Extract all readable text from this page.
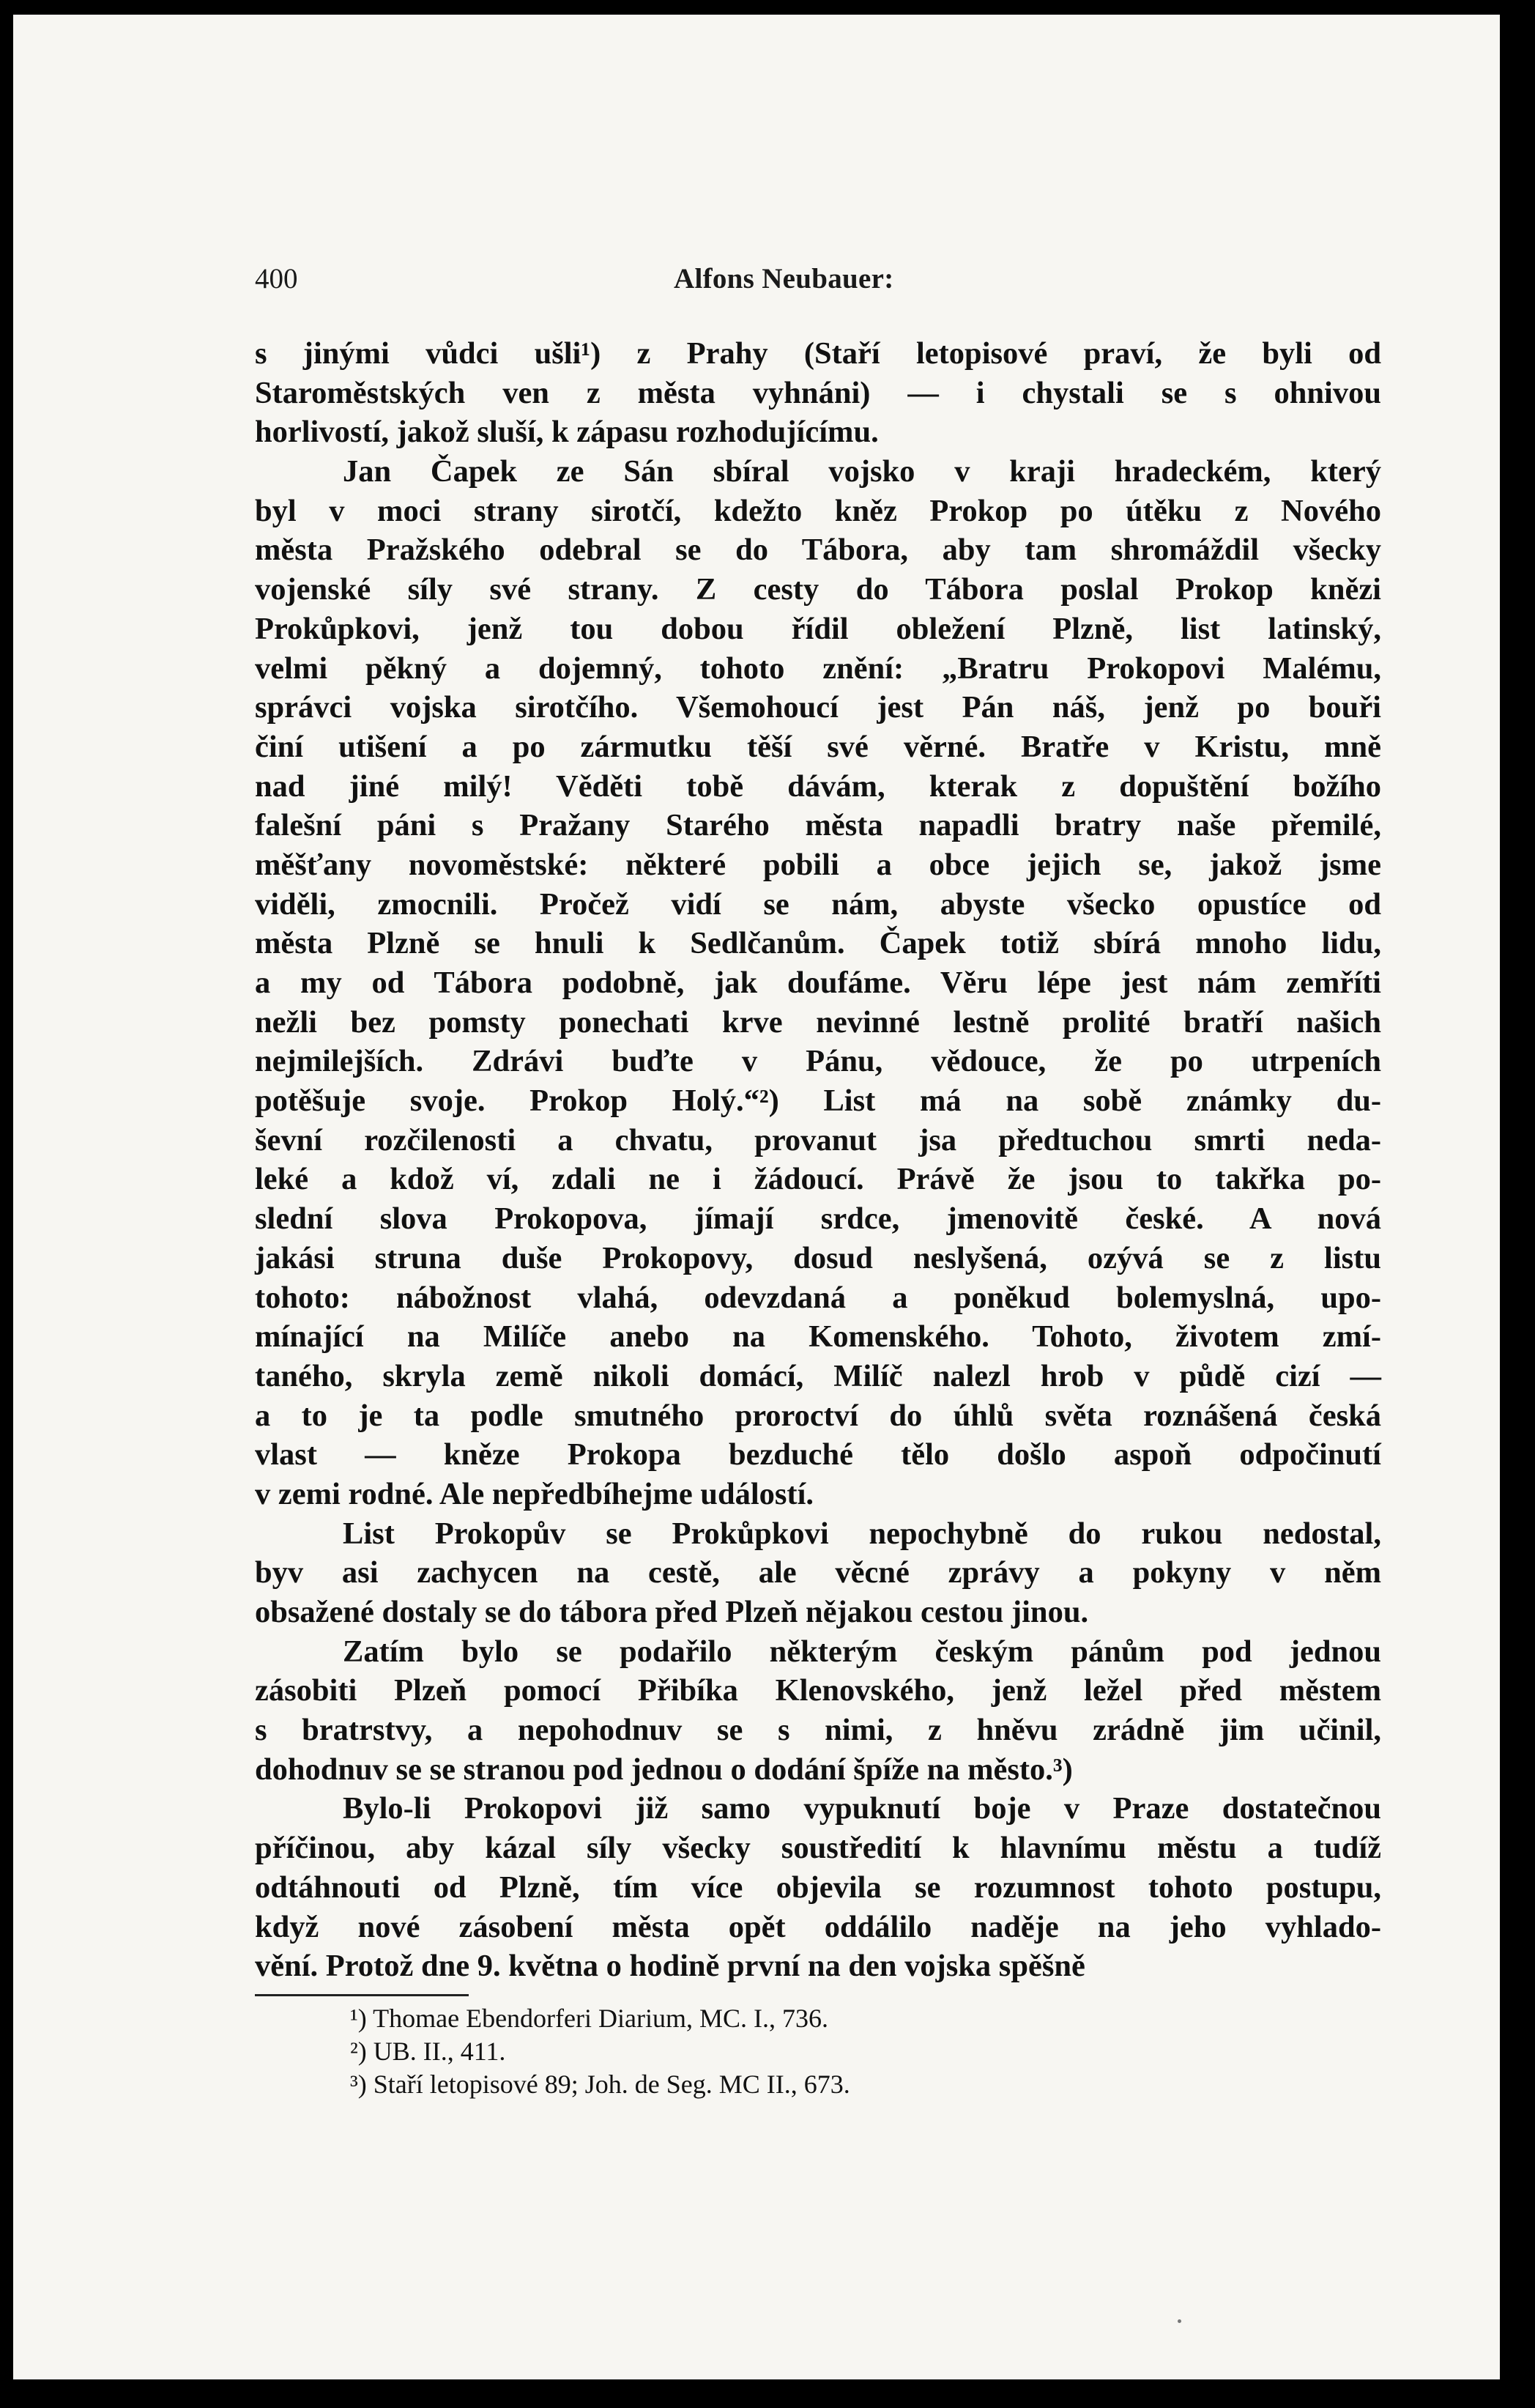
400	Alfons Neubauer:
s jinými vůdci ušli¹) z Prahy (Staří letopisové praví, že byli od
Staroměstských ven z města vyhnáni) — i chystali se s ohnivou
horlivostí, jakož sluší, k zápasu rozhodujícímu.
Jan Čapek ze Sán sbíral vojsko v kraji hradeckém, který
byl v moci strany sirotčí, kdežto kněz Prokop po útěku z Nového
města Pražského odebral se do Tábora, aby tam shromáždil všecky
vojenské síly své strany. Z cesty do Tábora poslal Prokop knězi
Prokůpkovi, jenž tou dobou řídil obležení Plzně, list latinský,
velmi pěkný a dojemný, tohoto znění: „Bratru Prokopovi Malému,
správci vojska sirotčího. Všemohoucí jest Pán náš, jenž po bouři
činí utišení a po zármutku těší své věrné. Bratře v Kristu, mně
nad jiné milý! Věděti tobě dávám, kterak z dopuštění božího
falešní páni s Pražany Starého města napadli bratry naše přemilé,
měšťany novoměstské: některé pobili a obce jejich se, jakož jsme
viděli, zmocnili. Pročež vidí se nám, abyste všecko opustíce od
města Plzně se hnuli k Sedlčanům. Čapek totiž sbírá mnoho lidu,
a my od Tábora podobně, jak doufáme. Věru lépe jest nám zemříti
nežli bez pomsty ponechati krve nevinné lestně prolité bratří našich
nejmilejších. Zdrávi buďte v Pánu, vědouce, že po utrpeních
potěšuje svoje. Prokop Holý.“²) List má na sobě známky du-
ševní rozčilenosti a chvatu, provanut jsa předtuchou smrti neda-
leké a kdož ví, zdali ne i žádoucí. Právě že jsou to takřka po-
slední slova Prokopova, jímají srdce, jmenovitě české. A nová
jakási struna duše Prokopovy, dosud neslyšená, ozývá se z listu
tohoto: nábožnost vlahá, odevzdaná a poněkud bolemyslná, upo-
mínající na Milíče anebo na Komenského. Tohoto, životem zmí-
taného, skryla země nikoli domácí, Milíč nalezl hrob v půdě cizí —
a to je ta podle smutného proroctví do úhlů světa roznášená česká
vlast — kněze Prokopa bezduché tělo došlo aspoň odpočinutí
v zemi rodné. Ale nepředbíhejme událostí.
List Prokopův se Prokůpkovi nepochybně do rukou nedostal,
byv asi zachycen na cestě, ale věcné zprávy a pokyny v něm
obsažené dostaly se do tábora před Plzeň nějakou cestou jinou.
Zatím bylo se podařilo některým českým pánům pod jednou
zásobiti Plzeň pomocí Přibíka Klenovského, jenž ležel před městem
s bratrstvy, a nepohodnuv se s nimi, z hněvu zrádně jim učinil,
dohodnuv se se stranou pod jednou o dodání špíže na město.³)
Bylo-li Prokopovi již samo vypuknutí boje v Praze dostatečnou
příčinou, aby kázal síly všecky soustředití k hlavnímu městu a tudíž
odtáhnouti od Plzně, tím více objevila se rozumnost tohoto postupu,
když nové zásobení města opět oddálilo naděje na jeho vyhlado-
vění. Protož dne 9. května o hodině první na den vojska spěšně
¹) Thomae Ebendorferi Diarium, MC. I., 736.
²) UB. II., 411.
³) Staří letopisové 89; Joh. de Seg. MC II., 673.
